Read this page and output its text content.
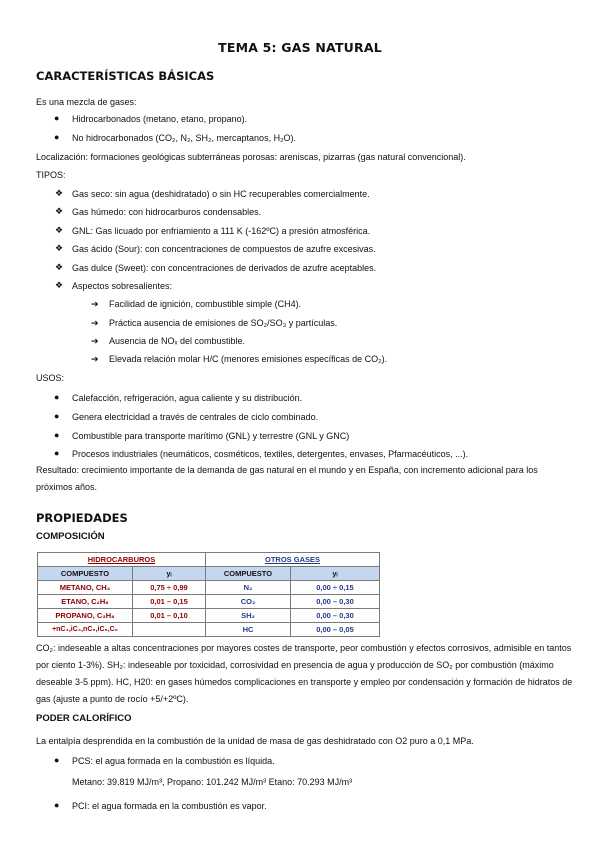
TEMA 5: GAS NATURAL
CARACTERÍSTICAS BÁSICAS
Es una mezcla de gases:
● Hidrocarbonados (metano, etano, propano).
● No hidrocarbonados (CO₂, N₂, SH₂, mercaptanos, H₂O).
Localización: formaciones geológicas subterráneas porosas: areniscas, pizarras (gas natural convencional).
TIPOS:
❖ Gas seco: sin agua (deshidratado) o sin HC recuperables comercialmente.
❖ Gas húmedo: con hidrocarburos condensables.
❖ GNL: Gas licuado por enfriamiento a 111 K (-162ºC) a presión atmosférica.
❖ Gas ácido (Sour): con concentraciones de compuestos de azufre excesivas.
❖ Gas dulce (Sweet): con concentraciones de derivados de azufre aceptables.
❖ Aspectos sobresalientes:
➔ Facilidad de ignición, combustible simple (CH4).
➔ Práctica ausencia de emisiones de SO₂/SO₃ y partículas.
➔ Ausencia de NOₓ del combustible.
➔ Elevada relación molar H/C (menores emisiones específicas de CO₂).
USOS:
● Calefacción, refrigeración, agua caliente y su distribución.
● Genera electricidad a través de centrales de ciclo combinado.
● Combustible para transporte marítimo (GNL) y terrestre (GNL y GNC)
● Procesos industriales (neumáticos, cosméticos, textiles, detergentes, envases, Pfarmacéuticos, ...).
Resultado: crecimiento importante de la demanda de gas natural en el mundo y en España, con incremento adicional para los próximos años.
PROPIEDADES
COMPOSICIÓN
HIDROCARBUROS		OTROS GASES	
COMPUESTO	yᵢ	COMPUESTO	yᵢ
METANO, CH₄	0,75 ÷ 0,99	N₂	0,00 ÷ 0,15
ETANO, C₂H₆	0,01 – 0,15	CO₂	0,00 – 0,30
PROPANO, C₃H₈	0,01 – 0,10	SH₂	0,00 – 0,30
+nC₄,iC₄,nC₅,iC₅,C₆		HC	0,00 – 0,05
CO₂: indeseable a altas concentraciones por mayores costes de transporte, peor combustión y efectos corrosivos, admisible en tantos por ciento 1-3%). SH₂: indeseable por toxicidad, corrosividad en presencia de agua y producción de SO₂ por combustión (máximo deseable 3-5 ppm). HC, H20: en gases húmedos complicaciones en transporte y empleo por condensación y formación de hidratos de gas (ajuste a punto de rocío +5/+2ºC).
PODER CALORÍFICO
La entalpía desprendida en la combustión de la unidad de masa de gas deshidratado con O2 puro a 0,1 MPa.
● PCS: el agua formada en la combustión es líquida.
Metano: 39.819 MJ/m³, Propano: 101.242 MJ/m³ Etano: 70.293 MJ/m³
● PCI: el agua formada en la combustión es vapor.
